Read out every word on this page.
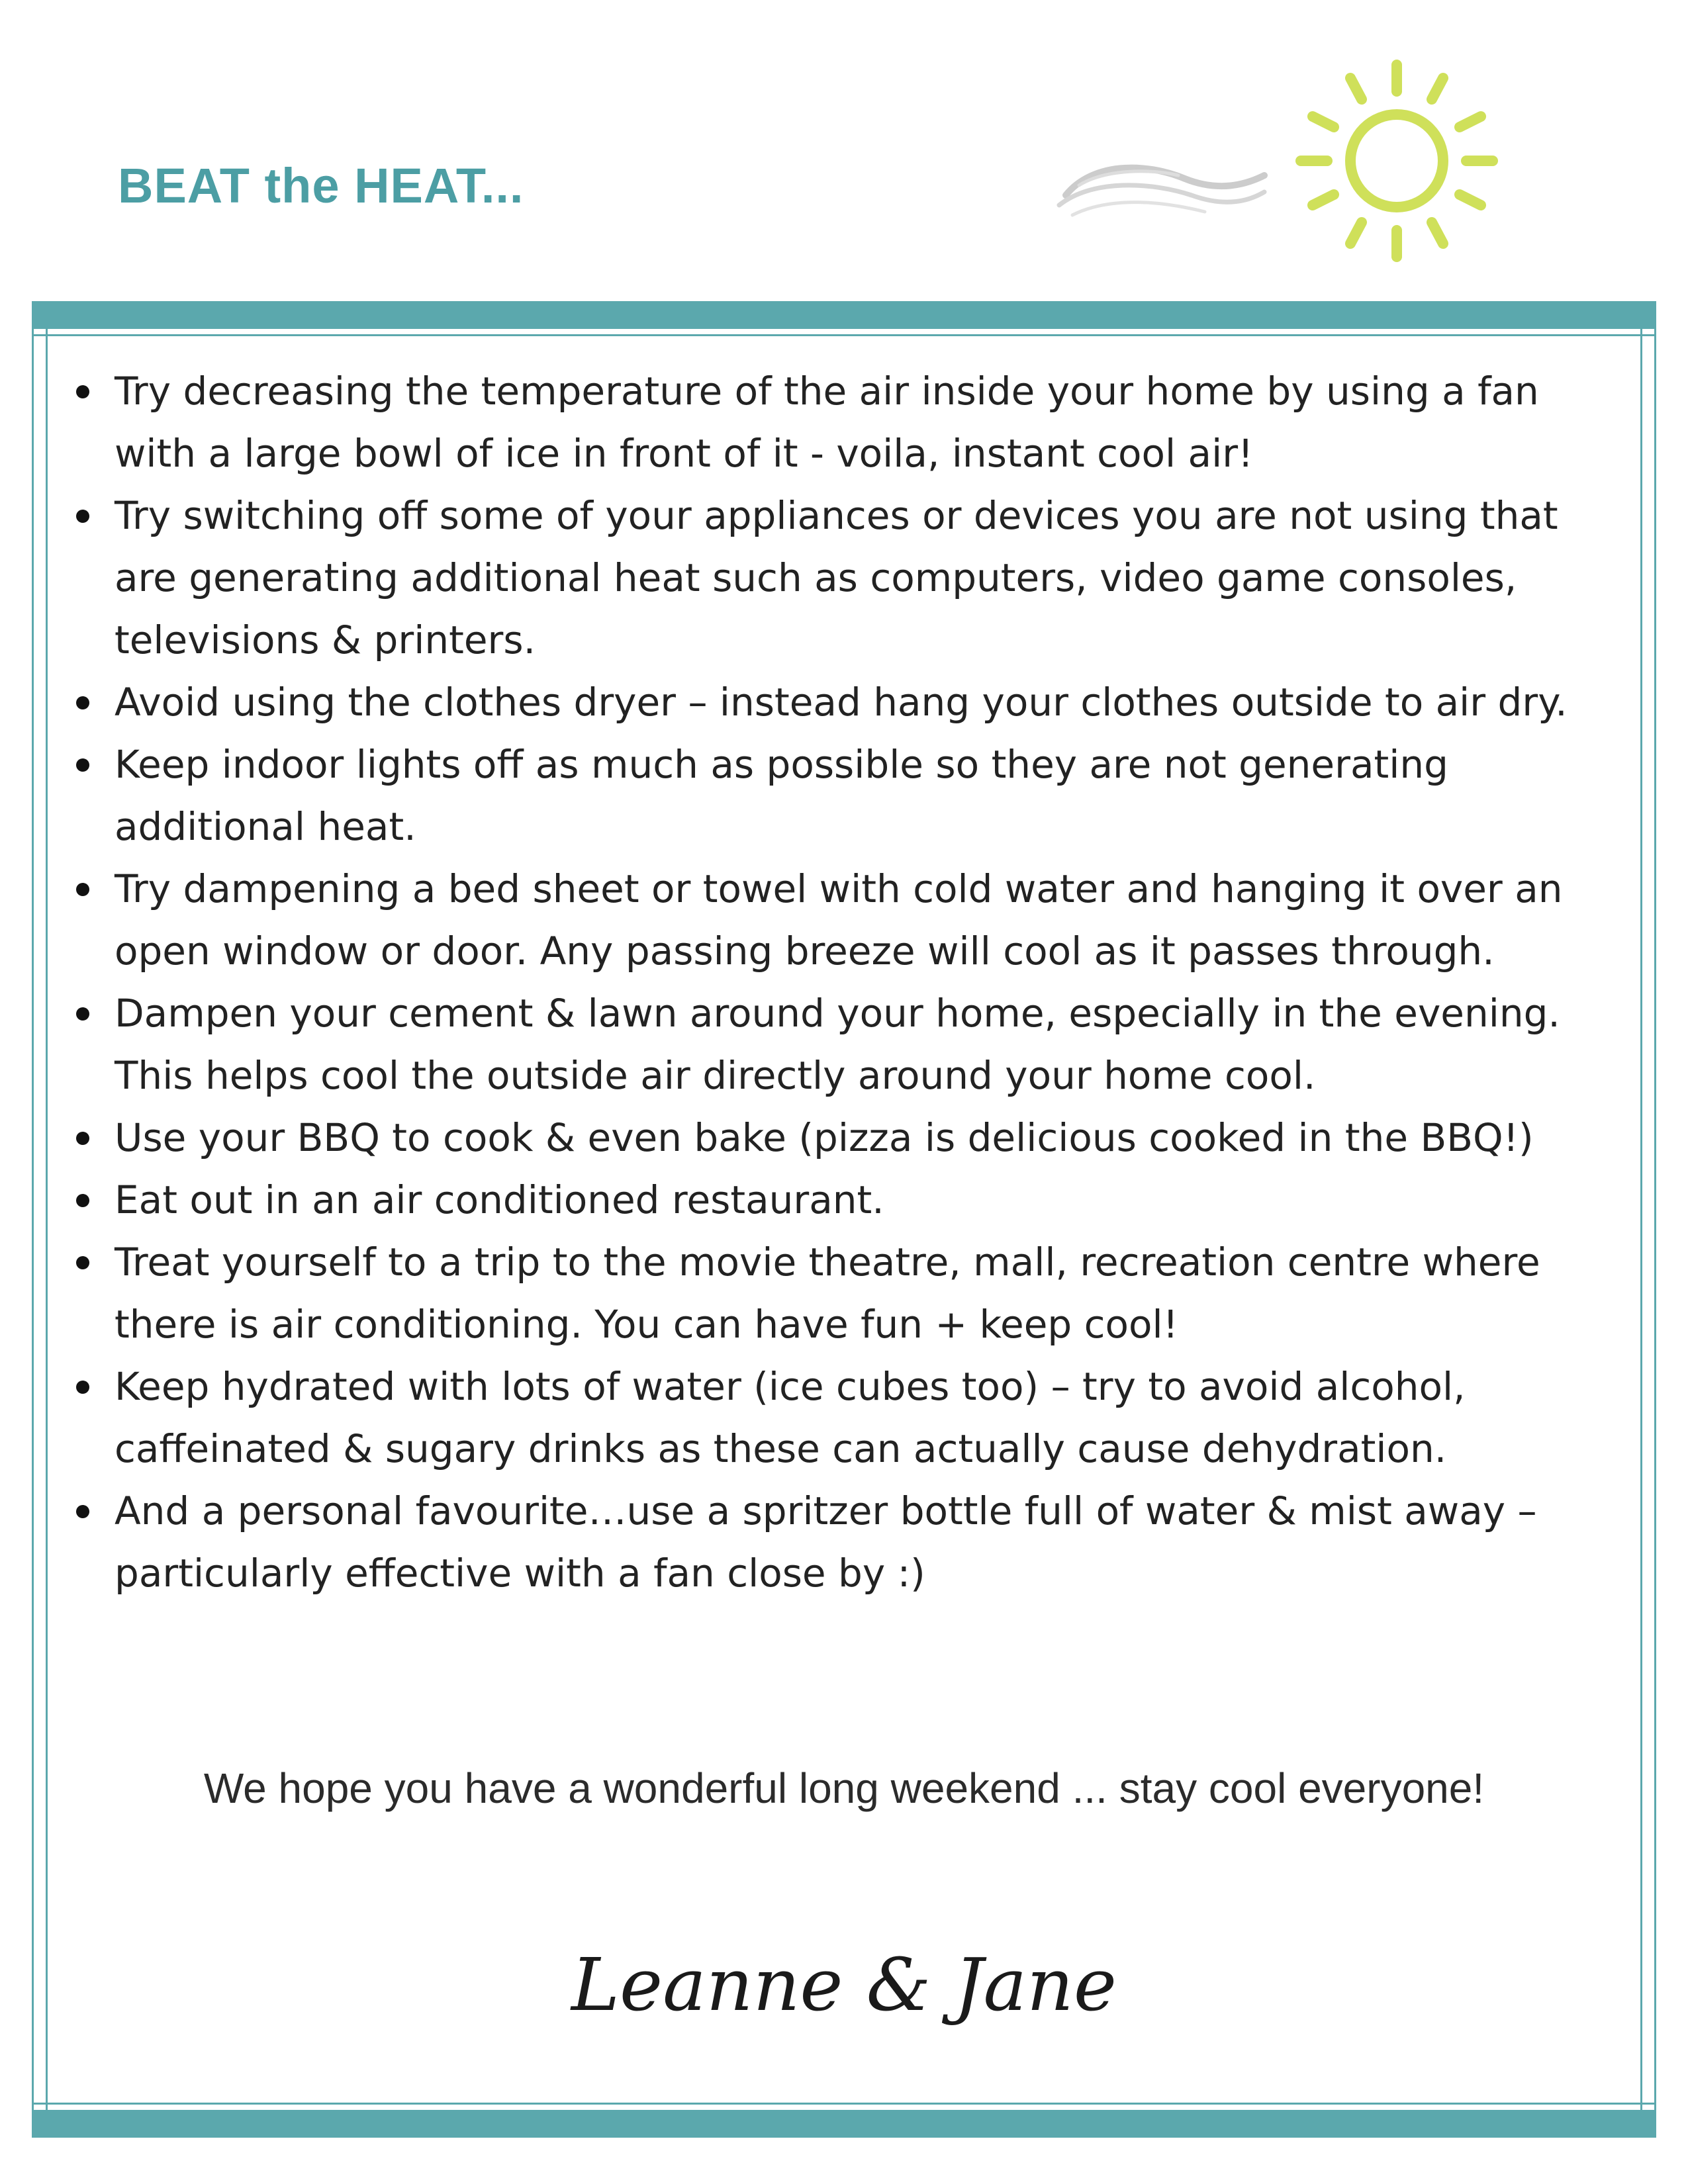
BEAT the HEAT...
Try decreasing the temperature of the air inside your home by using a fan with a large bowl of ice in front of it - voila, instant cool air!
Try switching off some of your appliances or devices you are not using that are generating additional heat such as computers, video game consoles, televisions & printers.
Avoid using the clothes dryer – instead hang your clothes outside to air dry.
Keep indoor lights off as much as possible so they are not generating additional heat.
Try dampening a bed sheet or towel with cold water and hanging it over an open window or door. Any passing breeze will cool as it passes through.
Dampen your cement & lawn around your home, especially in the evening. This helps cool the outside air directly around your home cool.
Use your BBQ to cook & even bake (pizza is delicious cooked in the BBQ!)
Eat out in an air conditioned restaurant.
Treat yourself to a trip to the movie theatre, mall, recreation centre where there is air conditioning. You can have fun + keep cool!
Keep hydrated with lots of water (ice cubes too) – try to avoid alcohol, caffeinated & sugary drinks as these can actually cause dehydration.
And a personal favourite…use a spritzer bottle full of water & mist away – particularly effective with a fan close by :)
We hope you have a wonderful long weekend ... stay cool everyone!
Leanne & Jane
